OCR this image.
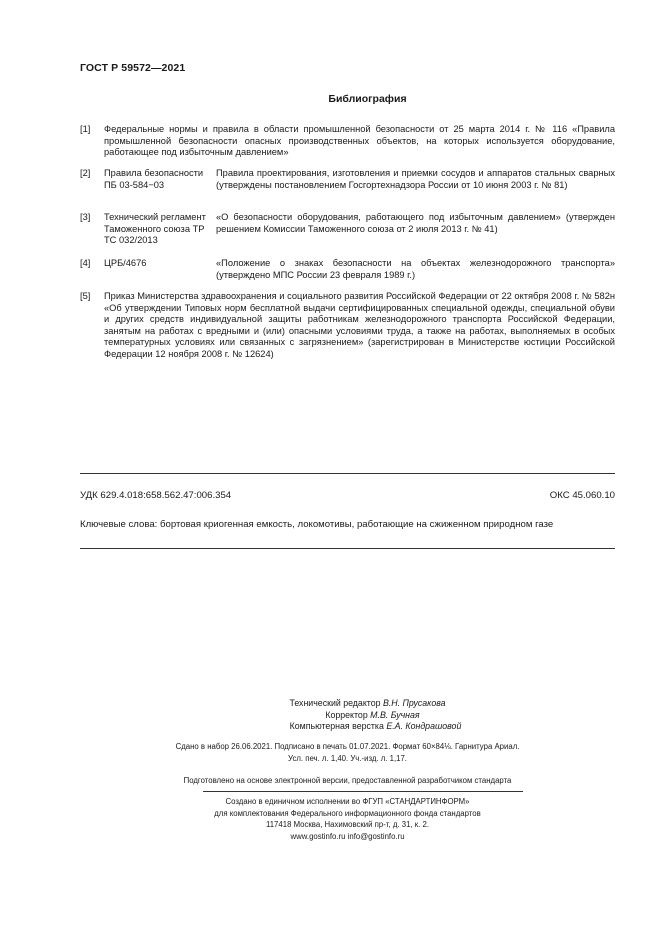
ГОСТ Р 59572—2021
Библиография
[1] Федеральные нормы и правила в области промышленной безопасности от 25 марта 2014 г. № 116 «Правила промышленной безопасности опасных производственных объектов, на которых используется оборудование, работающее под избыточным давлением»
[2] Правила безопасности ПБ 03-584−03
Правила проектирования, изготовления и приемки сосудов и аппаратов стальных сварных (утверждены постановлением Госгортехнадзора России от 10 июня 2003 г. № 81)
[3] Технический регламент Таможенного союза ТР ТС 032/2013
«О безопасности оборудования, работающего под избыточным давлением» (утвержден решением Комиссии Таможенного союза от 2 июля 2013 г. № 41)
[4] ЦРБ/4676	«Положение о знаках безопасности на объектах железнодорожного транспорта» (утверждено МПС России 23 февраля 1989 г.)
[5] Приказ Министерства здравоохранения и социального развития Российской Федерации от 22 октября 2008 г. № 582н «Об утверждении Типовых норм бесплатной выдачи сертифицированных специальной одежды, специальной обуви и других средств индивидуальной защиты работникам железнодорожного транспорта Российской Федерации, занятым на работах с вредными и (или) опасными условиями труда, а также на работах, выполняемых в особых температурных условиях или связанных с загрязнением» (зарегистрирован в Министерстве юстиции Российской Федерации 12 ноября 2008 г. № 12624)
УДК 629.4.018:658.562.47:006.354	ОКС 45.060.10
Ключевые слова: бортовая криогенная емкость, локомотивы, работающие на сжиженном природном газе
Технический редактор В.Н. Прусакова
Корректор М.В. Бучная
Компьютерная верстка Е.А. Кондрашовой
Сдано в набор 26.06.2021. Подписано в печать 01.07.2021. Формат 60×84⅛. Гарнитура Ариал.
Усл. печ. л. 1,40. Уч.-изд. л. 1,17.
Подготовлено на основе электронной версии, предоставленной разработчиком стандарта
Создано в единичном исполнении во ФГУП «СТАНДАРТИНФОРМ»
для комплектования Федерального информационного фонда стандартов
117418 Москва, Нахимовский пр-т, д. 31, к. 2.
www.gostinfo.ru info@gostinfo.ru
